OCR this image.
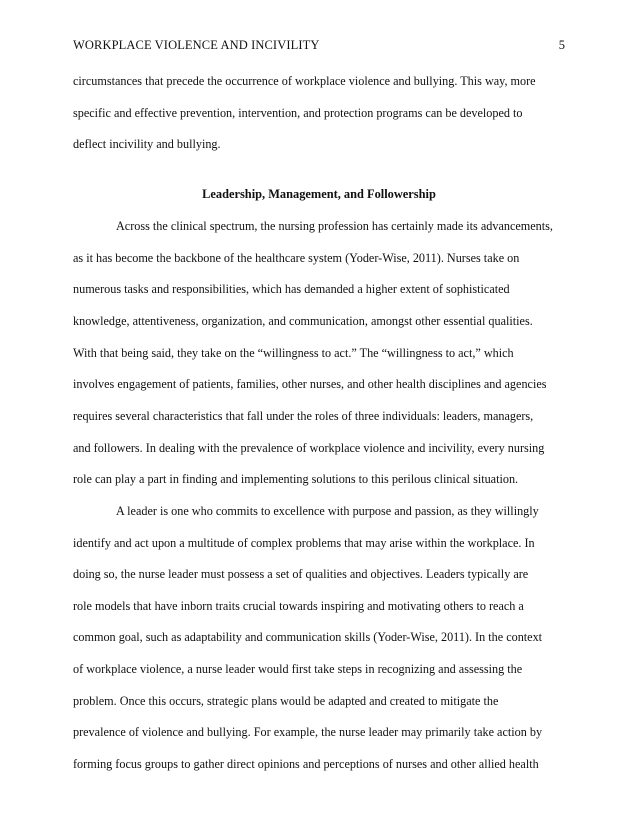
WORKPLACE VIOLENCE AND INCIVILITY	5
circumstances that precede the occurrence of workplace violence and bullying. This way, more
specific and effective prevention, intervention, and protection programs can be developed to
deflect incivility and bullying.
Leadership, Management, and Followership
Across the clinical spectrum, the nursing profession has certainly made its advancements,
as it has become the backbone of the healthcare system (Yoder-Wise, 2011). Nurses take on
numerous tasks and responsibilities, which has demanded a higher extent of sophisticated
knowledge, attentiveness, organization, and communication, amongst other essential qualities.
With that being said, they take on the “willingness to act.” The “willingness to act,” which
involves engagement of patients, families, other nurses, and other health disciplines and agencies
requires several characteristics that fall under the roles of three individuals: leaders, managers,
and followers. In dealing with the prevalence of workplace violence and incivility, every nursing
role can play a part in finding and implementing solutions to this perilous clinical situation.
A leader is one who commits to excellence with purpose and passion, as they willingly
identify and act upon a multitude of complex problems that may arise within the workplace. In
doing so, the nurse leader must possess a set of qualities and objectives. Leaders typically are
role models that have inborn traits crucial towards inspiring and motivating others to reach a
common goal, such as adaptability and communication skills (Yoder-Wise, 2011). In the context
of workplace violence, a nurse leader would first take steps in recognizing and assessing the
problem. Once this occurs, strategic plans would be adapted and created to mitigate the
prevalence of violence and bullying. For example, the nurse leader may primarily take action by
forming focus groups to gather direct opinions and perceptions of nurses and other allied health
